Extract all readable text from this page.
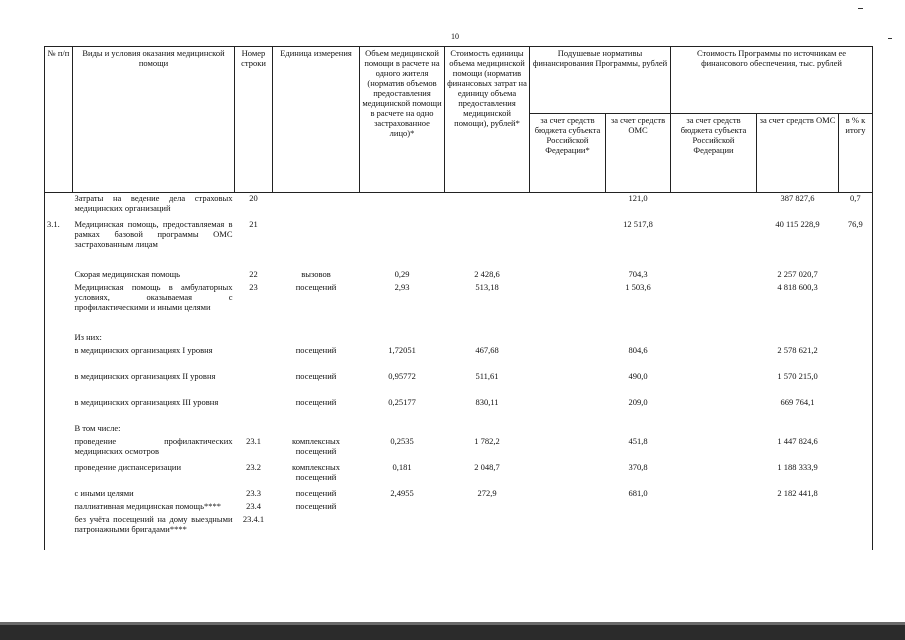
10
№ п/п	Виды и условия оказания медицинской помощи	Номер строки	Единица измерения	Объем медицинской помощи в расчете на одного жителя (норматив объемов предоставления медицинской помощи в расчете на одно застрахованное лицо)*	Стоимость единицы объема медицинской помощи (норматив финансовых затрат на единицу объема предоставления медицинской помощи), рублей*	Подушевые нормативы финансирования Программы, рублей		Стоимость Программы по источникам ее финансового обеспечения, тыс. рублей		
						за счет средств бюджета субъекта Российской Федерации*	за счет средств ОМС	за счет средств бюджета субъекта Российской Федерации	за счет средств ОМС	в % к итогу
	Затраты на ведение дела страховых медицинских организаций	20					121,0		387 827,6	0,7
3.1.	Медицинская помощь, предоставляемая в рамках базовой программы ОМС застрахованным лицам	21					12 517,8		40 115 228,9	76,9
	Скорая медицинская помощь	22	вызовов	0,29	2 428,6		704,3		2 257 020,7	
	Медицинская помощь в амбулаторных условиях, оказываемая с профилактическими и иными целями	23	посещений	2,93	513,18		1 503,6		4 818 600,3	
	Из них:									
	в медицинских организациях I уровня		посещений	1,72051	467,68		804,6		2 578 621,2	
	в медицинских организациях II уровня		посещений	0,95772	511,61		490,0		1 570 215,0	
	в медицинских организациях III уровня		посещений	0,25177	830,11		209,0		669 764,1	
	В том числе:									
	проведение профилактических медицинских осмотров	23.1	комплексных посещений	0,2535	1 782,2		451,8		1 447 824,6	
	проведение диспансеризации	23.2	комплексных посещений	0,181	2 048,7		370,8		1 188 333,9	
	с иными целями	23.3	посещений	2,4955	272,9		681,0		2 182 441,8	
	паллиативная медицинская помощь****	23.4	посещений							
	без учёта посещений на дому выездными патронажными бригадами****	23.4.1								
